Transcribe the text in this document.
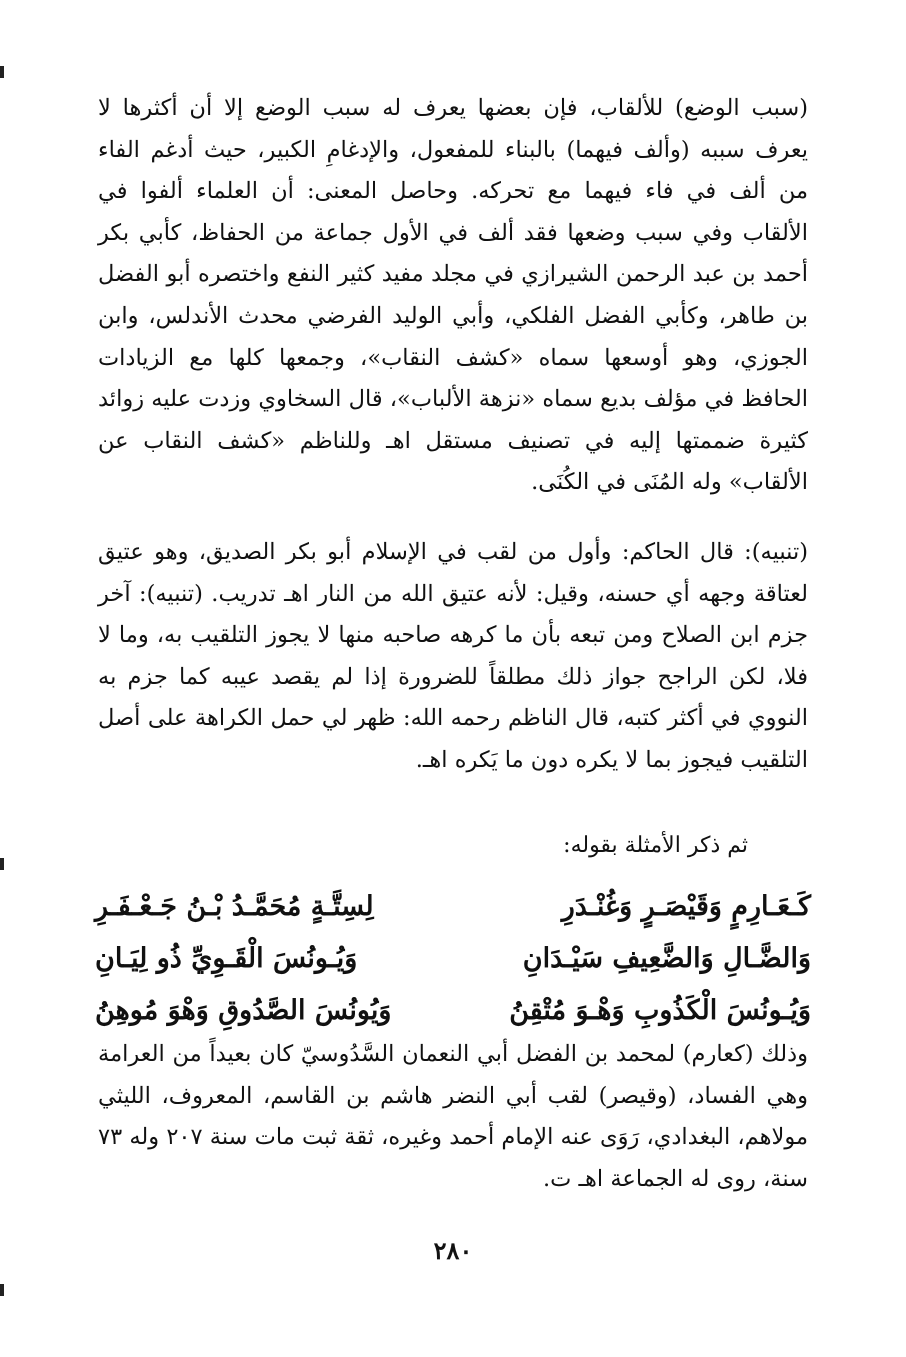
(سبب الوضع) للألقاب، فإن بعضها يعرف له سبب الوضع إلا أن أكثرها لا يعرف سببه (وألف فيهما) بالبناء للمفعول، والإدغامِ الكبير، حيث أدغم الفاء من ألف في فاء فيهما مع تحركه. وحاصل المعنى: أن العلماء ألفوا في الألقاب وفي سبب وضعها فقد ألف في الأول جماعة من الحفاظ، كأبي بكر أحمد بن عبد الرحمن الشيرازي في مجلد مفيد كثير النفع واختصره أبو الفضل بن طاهر، وكأبي الفضل الفلكي، وأبي الوليد الفرضي محدث الأندلس، وابن الجوزي، وهو أوسعها سماه «كشف النقاب»، وجمعها كلها مع الزيادات الحافظ في مؤلف بديع سماه «نزهة الألباب»، قال السخاوي وزدت عليه زوائد كثيرة ضممتها إليه في تصنيف مستقل اهـ وللناظم «كشف النقاب عن الألقاب» وله المُنَى في الكُنَى.

(تنبيه): قال الحاكم: وأول من لقب في الإسلام أبو بكر الصديق، وهو عتيق لعتاقة وجهه أي حسنه، وقيل: لأنه عتيق الله من النار اهـ تدريب. (تنبيه): آخر جزم ابن الصلاح ومن تبعه بأن ما كرهه صاحبه منها لا يجوز التلقيب به، وما لا فلا، لكن الراجح جواز ذلك مطلقاً للضرورة إذا لم يقصد عيبه كما جزم به النووي في أكثر كتبه، قال الناظم رحمه الله: ظهر لي حمل الكراهة على أصل التلقيب فيجوز بما لا يكره دون ما يَكره اهـ.

ثم ذكر الأمثلة بقوله:

كَـعَـارِمٍ وَقَيْصَـرٍ وَغُنْـدَرِ
لِسِتَّـةٍ مُحَمَّـدُ بْـنُ جَـعْـفَـرِ
وَالضَّـالِ وَالضَّعِيفِ سَيْـدَانِ
وَيُـونُسَ الْقَـوِيِّ ذُو لِيَـانِ
وَيُـونُسَ الْكَذُوبِ وَهْـوَ مُتْقِنُ
وَيُونُسَ الصَّدُوقِ وَهْوَ مُوهِنُ

وذلك (كعارم) لمحمد بن الفضل أبي النعمان السَّدُوسيّ كان بعيداً من العرامة وهي الفساد، (وقيصر) لقب أبي النضر هاشم بن القاسم، المعروف، الليثي مولاهم، البغدادي، رَوَى عنه الإمام أحمد وغيره، ثقة ثبت مات سنة ٢٠٧ وله ٧٣ سنة، روى له الجماعة اهـ ت.

٢٨٠
